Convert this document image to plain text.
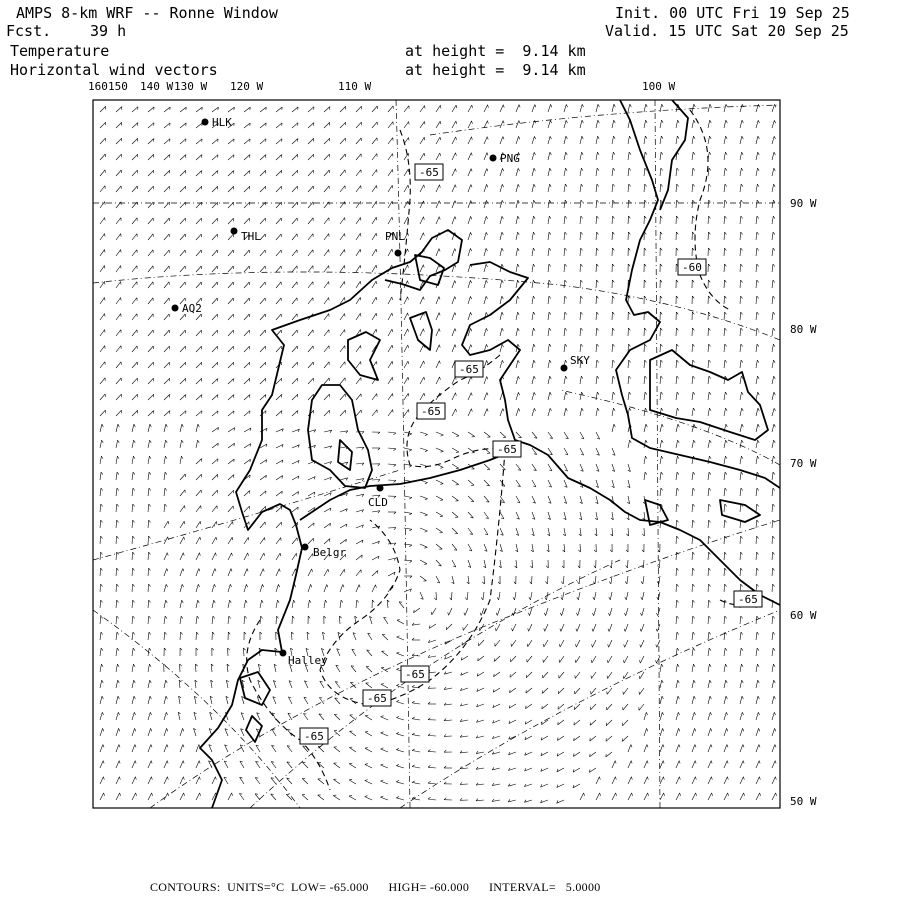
AMPS 8-km WRF -- Ronne Window
Fcst.	39 h
Temperature
Horizontal wind vectors
at height =  9.14 km
at height =  9.14 km
Init. 00 UTC Fri 19 Sep 25
Valid. 15 UTC Sat 20 Sep 25
160 150 140 W 130 W 120 W	110 W	100 W
90 W
80 W
70 W
60 W
50 W
HLK
PNG
THL	PNL
AQ2
SKY
CLD
Belgr
Halley
-65
-60
-65
-65
-65
-65
-65
-65
-65
CONTOURS:  UNITS=°C  LOW= -65.000      HIGH= -60.000      INTERVAL=   5.0000
